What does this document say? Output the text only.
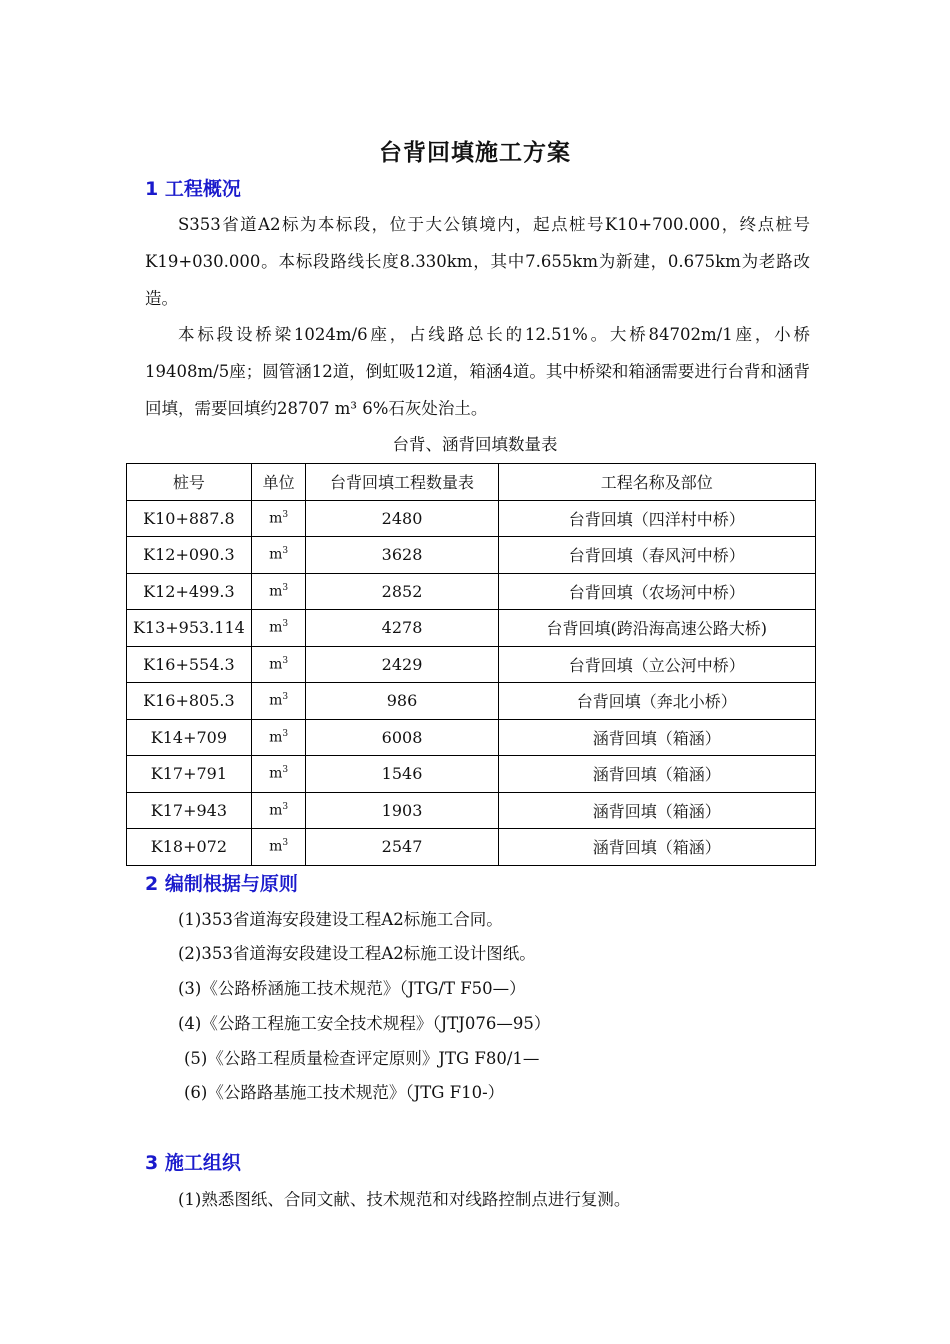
台背回填施工方案
1 工程概况

S353省道A2标为本标段，位于大公镇境内，起点桩号K10+700.000，终点桩号K19+030.000。本标段路线长度8.330km，其中7.655km为新建，0.675km为老路改造。

本标段设桥梁1024m/6座，占线路总长的12.51%。大桥84702m/1座，小桥19408m/5座；圆管涵12道，倒虹吸12道，箱涵4道。其中桥梁和箱涵需要进行台背和涵背回填，需要回填约28707 m³ 6%石灰处治土。

台背、涵背回填数量表
桩号	单位	台背回填工程数量表	工程名称及部位
K10+887.8	$m^3$	2480	台背回填（四洋村中桥）
K12+090.3	$m^3$	3628	台背回填（春风河中桥）
K12+499.3	$m^3$	2852	台背回填（农场河中桥）
K13+953.114	$m^3$	4278	台背回填(跨沿海高速公路大桥)
K16+554.3	$m^3$	2429	台背回填（立公河中桥）
K16+805.3	$m^3$	986	台背回填（奔北小桥）
K14+709	$m^3$	6008	涵背回填（箱涵）
K17+791	$m^3$	1546	涵背回填（箱涵）
K17+943	$m^3$	1903	涵背回填（箱涵）
K18+072	$m^3$	2547	涵背回填（箱涵）
2 编制根据与原则

(1)353省道海安段建设工程A2标施工合同。

(2)353省道海安段建设工程A2标施工设计图纸。

(3)《公路桥涵施工技术规范》（JTG/T F50—）

(4)《公路工程施工安全技术规程》（JTJ076—95）

(5)《公路工程质量检查评定原则》JTG F80/1—

(6)《公路路基施工技术规范》（JTG F10-）

3 施工组织

(1)熟悉图纸、合同文献、技术规范和对线路控制点进行复测。
